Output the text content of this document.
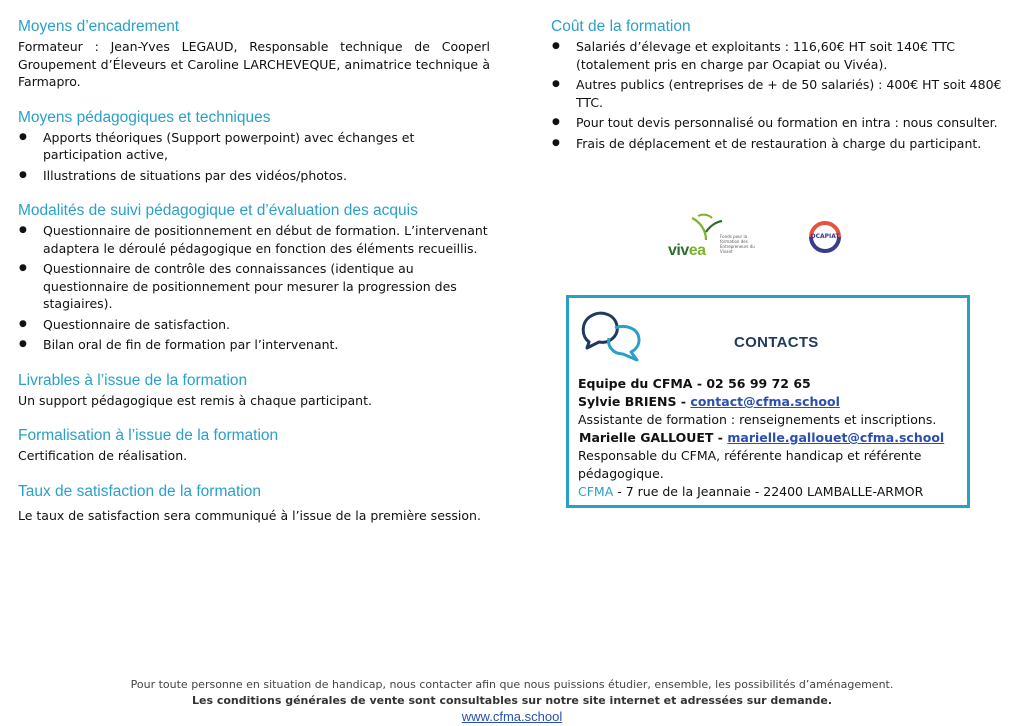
Moyens d’encadrement

Formateur : Jean-Yves LEGAUD, Responsable technique de Cooperl Groupement d’Éleveurs et Caroline LARCHEVEQUE, animatrice technique à Farmapro.

Moyens pédagogiques et techniques
● Apports théoriques (Support powerpoint) avec échanges et participation active,
● Illustrations de situations par des vidéos/photos.
Modalités de suivi pédagogique et d’évaluation des acquis
● Questionnaire de positionnement en début de formation. L’intervenant adaptera le déroulé pédagogique en fonction des éléments recueillis.
● Questionnaire de contrôle des connaissances (identique au questionnaire de positionnement pour mesurer la progression des stagiaires).
● Questionnaire de satisfaction.
● Bilan oral de fin de formation par l’intervenant.
Livrables à l’issue de la formation

Un support pédagogique est remis à chaque participant.

Formalisation à l’issue de la formation

Certification de réalisation.

Taux de satisfaction de la formation

Le taux de satisfaction sera communiqué à l’issue de la première session.

Coût de la formation
● Salariés d’élevage et exploitants : 116,60€ HT soit 140€ TTC (totalement pris en charge par Ocapiat ou Vivéa).
● Autres publics (entreprises de + de 50 salariés) : 400€ HT soit 480€ TTC.
● Pour tout devis personnalisé ou formation en intra : nous consulter.
● Frais de déplacement et de restauration à charge du participant.
vivea
Fonds pour la formation des Entrepreneurs du Vivant
OCAPIAT
CONTACTS
Equipe du CFMA - 02 56 99 72 65
Sylvie BRIENS - contact@cfma.school
Assistante de formation : renseignements et inscriptions.
Marielle GALLOUET - marielle.gallouet@cfma.school
Responsable du CFMA, référente handicap et référente pédagogique.
CFMA - 7 rue de la Jeannaie - 22400 LAMBALLE-ARMOR
Pour toute personne en situation de handicap, nous contacter afin que nous puissions étudier, ensemble, les possibilités d’aménagement.
Les conditions générales de vente sont consultables sur notre site internet et adressées sur demande.
www.cfma.school
